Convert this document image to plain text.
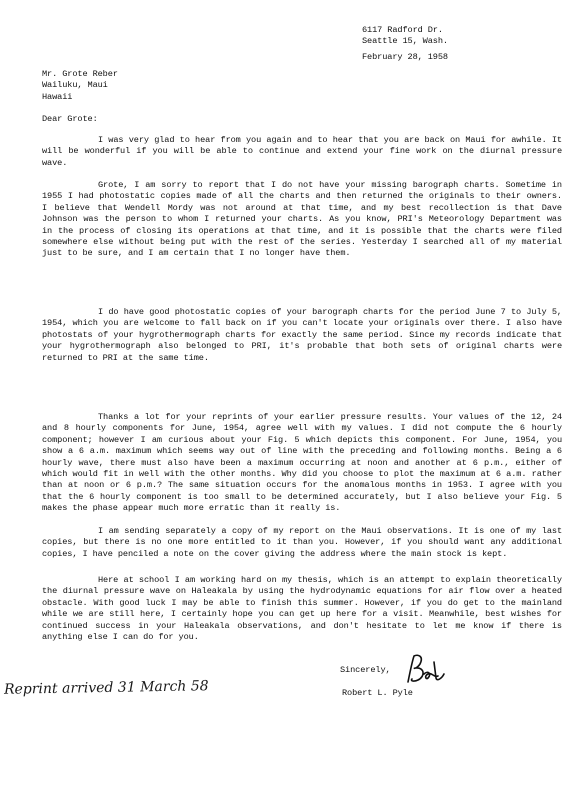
6117 Radford Dr.
Seattle 15, Wash.
February 28, 1958
Mr. Grote Reber
Wailuku, Maui
Hawaii
Dear Grote:
I was very glad to hear from you again and to hear that you are back on Maui for awhile. It will be wonderful if you will be able to continue and extend your fine work on the diurnal pressure wave.
Grote, I am sorry to report that I do not have your missing barograph charts. Sometime in 1955 I had photostatic copies made of all the charts and then returned the originals to their owners. I believe that Wendell Mordy was not around at that time, and my best recollection is that Dave Johnson was the person to whom I returned your charts. As you know, PRI's Meteorology Department was in the process of closing its operations at that time, and it is possible that the charts were filed somewhere else without being put with the rest of the series. Yesterday I searched all of my material just to be sure, and I am certain that I no longer have them.
I do have good photostatic copies of your barograph charts for the period June 7 to July 5, 1954, which you are welcome to fall back on if you can't locate your originals over there. I also have photostats of your hygrothermograph charts for exactly the same period. Since my records indicate that your hygrothermograph also belonged to PRI, it's probable that both sets of original charts were returned to PRI at the same time.
Thanks a lot for your reprints of your earlier pressure results. Your values of the 12, 24 and 8 hourly components for June, 1954, agree well with my values. I did not compute the 6 hourly component; however I am curious about your Fig. 5 which depicts this component. For June, 1954, you show a 6 a.m. maximum which seems way out of line with the preceding and following months. Being a 6 hourly wave, there must also have been a maximum occurring at noon and another at 6 p.m., either of which would fit in well with the other months. Why did you choose to plot the maximum at 6 a.m. rather than at noon or 6 p.m.? The same situation occurs for the anomalous months in 1953. I agree with you that the 6 hourly component is too small to be determined accurately, but I also believe your Fig. 5 makes the phase appear much more erratic than it really is.
I am sending separately a copy of my report on the Maui observations. It is one of my last copies, but there is no one more entitled to it than you. However, if you should want any additional copies, I have penciled a note on the cover giving the address where the main stock is kept.
Here at school I am working hard on my thesis, which is an attempt to explain theoretically the diurnal pressure wave on Haleakala by using the hydrodynamic equations for air flow over a heated obstacle. With good luck I may be able to finish this summer. However, if you do get to the mainland while we are still here, I certainly hope you can get up here for a visit. Meanwhile, best wishes for continued success in your Haleakala observations, and don't hesitate to let me know if there is anything else I can do for you.
Sincerely,
Robert L. Pyle
Reprint arrived 31 March 58
